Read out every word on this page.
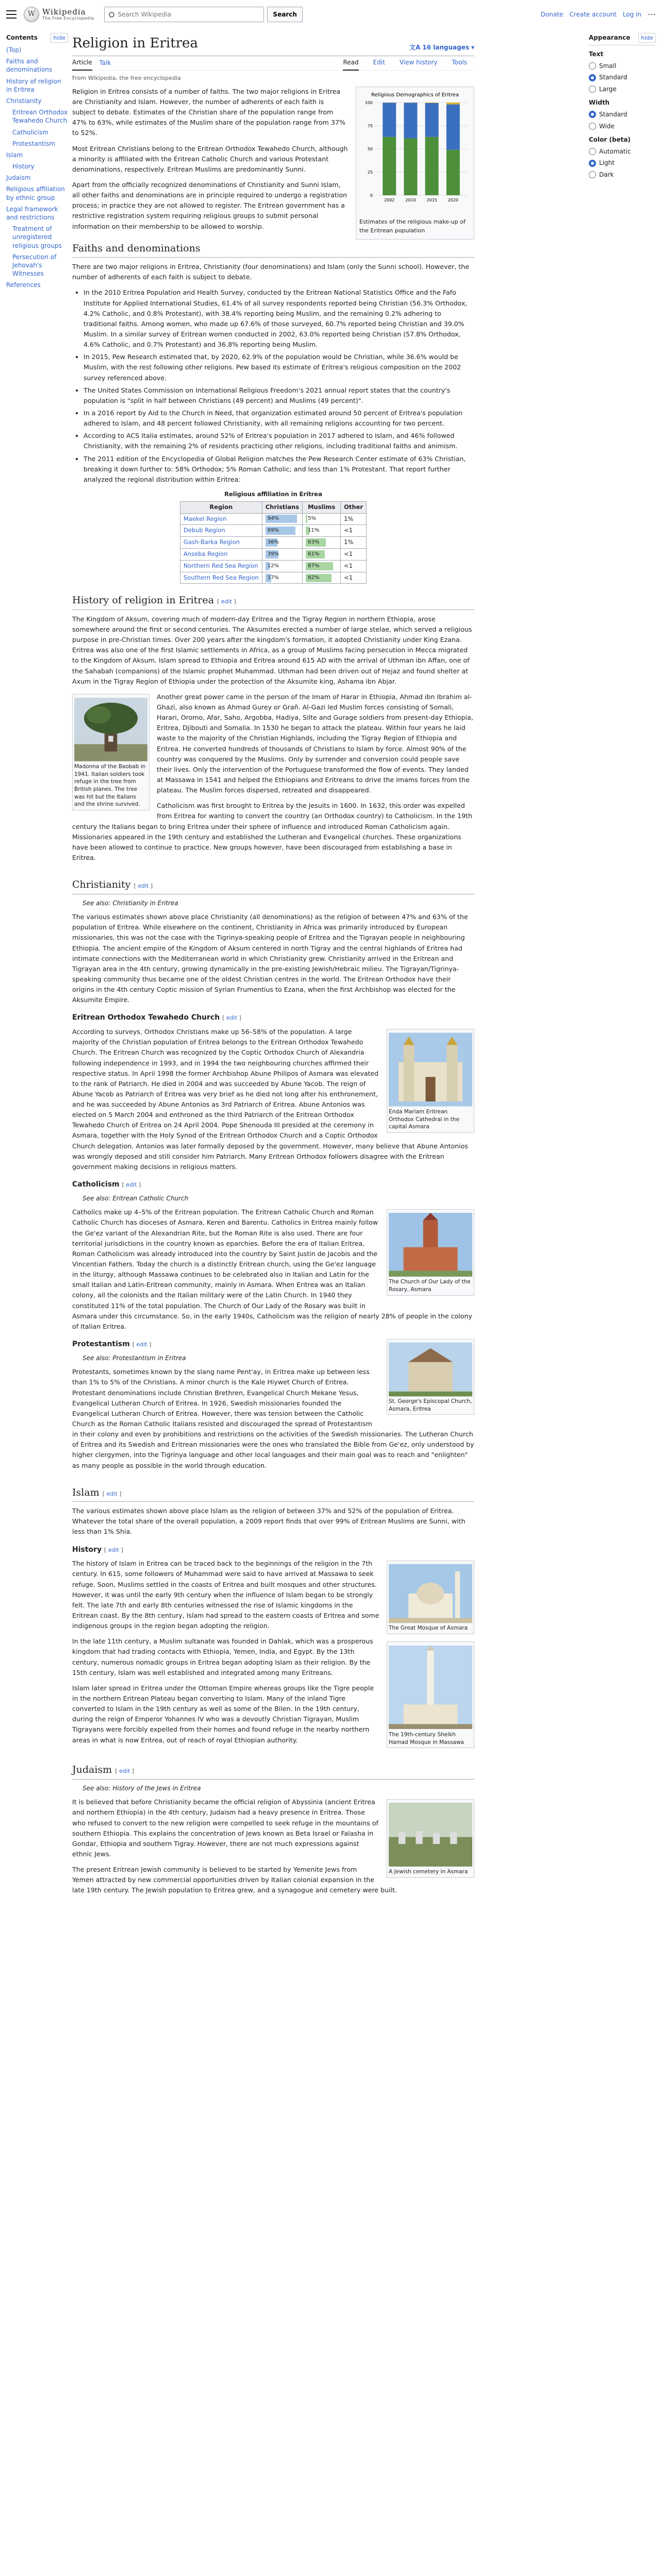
W Wikipedia
The Free Encyclopedia
Search Wikipedia
Search	Donate Create account Log in ⋯
Contents	hide
(Top)
Faiths and denominations
History of religion in Eritrea
Christianity
Eritrean Orthodox Tewahedo Church
Catholicism
Protestantism
Islam
History
Judaism
Religious affiliation by ethnic group
Legal framework and restrictions
Treatment of unregistered religious groups
Persecution of Jehovah's Witnesses
References
Religion in Eritrea	文A 16 languages ▾
Article Talk	Read Edit View history Tools
From Wikipedia, the free encyclopedia
Religious Demographics of Eritrea
0
25
50
75
100
2002	2010	2015	2020
Estimates of the religious make-up of the Eritrean population

Religion in Eritrea consists of a number of faiths. The two major religions in Eritrea are Christianity and Islam. However, the number of adherents of each faith is subject to debate. Estimates of the Christian share of the population range from 47% to 63%, while estimates of the Muslim share of the population range from 37% to 52%.

Most Eritrean Christians belong to the Eritrean Orthodox Tewahedo Church, although a minority is affiliated with the Eritrean Catholic Church and various Protestant denominations, respectively. Eritrean Muslims are predominantly Sunni.

Apart from the officially recognized denominations of Christianity and Sunni Islam, all other faiths and denominations are in principle required to undergo a registration process; in practice they are not allowed to register. The Eritrean government has a restrictive registration system requiring religious groups to submit personal information on their membership to be allowed to worship.

Faiths and denominations

There are two major religions in Eritrea, Christianity (four denominations) and Islam (only the Sunni school). However, the number of adherents of each faith is subject to debate.

• In the 2010 Eritrea Population and Health Survey, conducted by the Eritrean National Statistics Office and the Fafo Institute for Applied International Studies, 61.4% of all survey respondents reported being Christian (56.3% Orthodox, 4.2% Catholic, and 0.8% Protestant), with 38.4% reporting being Muslim, and the remaining 0.2% adhering to traditional faiths. Among women, who made up 67.6% of those surveyed, 60.7% reported being Christian and 39.0% Muslim. In a similar survey of Eritrean women conducted in 2002, 63.0% reported being Christian (57.8% Orthodox, 4.6% Catholic, and 0.7% Protestant) and 36.8% reporting being Muslim.
• In 2015, Pew Research estimated that, by 2020, 62.9% of the population would be Christian, while 36.6% would be Muslim, with the rest following other religions. Pew based its estimate of Eritrea's religious composition on the 2002 survey referenced above.
• The United States Commission on International Religious Freedom's 2021 annual report states that the country's population is "split in half between Christians (49 percent) and Muslims (49 percent)".
• In a 2016 report by Aid to the Church in Need, that organization estimated around 50 percent of Eritrea's population adhered to Islam, and 48 percent followed Christianity, with all remaining religions accounting for two percent.
• According to ACS Italia estimates, around 52% of Eritrea's population in 2017 adhered to Islam, and 46% followed Christianity, with the remaining 2% of residents practicing other religions, including traditional faiths and animism.
• The 2011 edition of the Encyclopedia of Global Religion matches the Pew Research Center estimate of 63% Christian, breaking it down further to: 58% Orthodox; 5% Roman Catholic; and less than 1% Protestant. That report further analyzed the regional distribution within Eritrea:
Religious affiliation in Eritrea
Region	Christians	Muslims	Other
Maekel Region	94%	5%	1%
Debub Region	89%	11%	<1
Gash-Barka Region	36%	63%	1%
Anseba Region	39%	61%	<1
Northern Red Sea Region	12%	87%	<1
Southern Red Sea Region	17%	82%	<1
History of religion in Eritrea [ edit ]

The Kingdom of Aksum, covering much of modern-day Eritrea and the Tigray Region in northern Ethiopia, arose somewhere around the first or second centuries. The Aksumites erected a number of large stelae, which served a religious purpose in pre-Christian times. Over 200 years after the kingdom's formation, it adopted Christianity under King Ezana. Eritrea was also one of the first Islamic settlements in Africa, as a group of Muslims facing persecution in Mecca migrated to the Kingdom of Aksum. Islam spread to Ethiopia and Eritrea around 615 AD with the arrival of Uthman ibn Affan, one of the Sahabah (companions) of the Islamic prophet Muhammad. Uthman had been driven out of Hejaz and found shelter at Axum in the Tigray Region of Ethiopia under the protection of the Aksumite king, Ashama ibn Abjar.

Madonna of the Baobab in 1941. Italian soldiers took refuge in the tree from British planes. The tree was hit but the Italians and the shrine survived.

Another great power came in the person of the Imam of Harar in Ethiopia, Ahmad ibn Ibrahim al-Ghazi, also known as Ahmad Gurey or Grañ. Al-Gazi led Muslim forces consisting of Somali, Harari, Oromo, Afar, Saho, Argobba, Hadiya, Silte and Gurage soldiers from present-day Ethiopia, Eritrea, Djibouti and Somalia. In 1530 he began to attack the plateau. Within four years he laid waste to the majority of the Christian Highlands, including the Tigray Region of Ethiopia and Eritrea. He converted hundreds of thousands of Christians to Islam by force. Almost 90% of the country was conquered by the Muslims. Only by surrender and conversion could people save their lives. Only the intervention of the Portuguese transformed the flow of events. They landed at Massawa in 1541 and helped the Ethiopians and Eritreans to drive the Imams forces from the plateau. The Muslim forces dispersed, retreated and disappeared.

Catholicism was first brought to Eritrea by the Jesuits in 1600. In 1632, this order was expelled from Eritrea for wanting to convert the country (an Orthodox country) to Catholicism. In the 19th century the Italians began to bring Eritrea under their sphere of influence and introduced Roman Catholicism again. Missionaries appeared in the 19th century and established the Lutheran and Evangelical churches. These organizations have been allowed to continue to practice. New groups however, have been discouraged from establishing a base in Eritrea.

Christianity [ edit ]
See also: Christianity in Eritrea

The various estimates shown above place Christianity (all denominations) as the religion of between 47% and 63% of the population of Eritrea. While elsewhere on the continent, Christianity in Africa was primarily introduced by European missionaries, this was not the case with the Tigrinya-speaking people of Eritrea and the Tigrayan people in neighbouring Ethiopia. The ancient empire of the Kingdom of Aksum centered in north Tigray and the central highlands of Eritrea had intimate connections with the Mediterranean world in which Christianity grew. Christianity arrived in the Eritrean and Tigrayan area in the 4th century, growing dynamically in the pre-existing Jewish/Hebraic milieu. The Tigrayan/Tigrinya-speaking community thus became one of the oldest Christian centres in the world. The Eritrean Orthodox have their origins in the 4th century Coptic mission of Syrian Frumentius to Ezana, when the first Archbishop was elected for the Aksumite Empire.

Eritrean Orthodox Tewahedo Church [ edit ]
Enda Mariam Eritrean Orthodox Cathedral in the capital Asmara

According to surveys, Orthodox Christians make up 56–58% of the population. A large majority of the Christian population of Eritrea belongs to the Eritrean Orthodox Tewahedo Church. The Eritrean Church was recognized by the Coptic Orthodox Church of Alexandria following independence in 1993, and in 1994 the two neighbouring churches affirmed their respective status. In April 1998 the former Archbishop Abune Philipos of Asmara was elevated to the rank of Patriarch. He died in 2004 and was succeeded by Abune Yacob. The reign of Abune Yacob as Patriarch of Eritrea was very brief as he died not long after his enthronement, and he was succeeded by Abune Antonios as 3rd Patriarch of Eritrea. Abune Antonios was elected on 5 March 2004 and enthroned as the third Patriarch of the Eritrean Orthodox Tewahedo Church of Eritrea on 24 April 2004. Pope Shenouda III presided at the ceremony in Asmara, together with the Holy Synod of the Eritrean Orthodox Church and a Coptic Orthodox Church delegation. Antonios was later formally deposed by the government. However, many believe that Abune Antonios was wrongly deposed and still consider him Patriarch. Many Eritrean Orthodox followers disagree with the Eritrean government making decisions in religious matters.

Catholicism [ edit ]
See also: Eritrean Catholic Church
The Church of Our Lady of the Rosary, Asmara

Catholics make up 4–5% of the Eritrean population. The Eritrean Catholic Church and Roman Catholic Church has dioceses of Asmara, Keren and Barentu. Catholics in Eritrea mainly follow the Ge'ez variant of the Alexandrian Rite, but the Roman Rite is also used. There are four territorial jurisdictions in the country known as eparchies. Before the era of Italian Eritrea, Roman Catholicism was already introduced into the country by Saint Justin de Jacobis and the Vincentian Fathers. Today the church is a distinctly Eritrean church, using the Ge'ez language in the liturgy, although Massawa continues to be celebrated also in Italian and Latin for the small Italian and Latin-Eritrean community, mainly in Asmara. When Eritrea was an Italian colony, all the colonists and the Italian military were of the Latin Church. In 1940 they constituted 11% of the total population. The Church of Our Lady of the Rosary was built in Asmara under this circumstance. So, in the early 1940s, Catholicism was the religion of nearly 28% of people in the colony of Italian Eritrea.

St. George's Episcopal Church, Asmara, Eritrea
Protestantism [ edit ]
See also: Protestantism in Eritrea

Protestants, sometimes known by the slang name Pent'ay, in Eritrea make up between less than 1% to 5% of the Christians. A minor church is the Kale Hiywet Church of Eritrea. Protestant denominations include Christian Brethren, Evangelical Church Mekane Yesus, Evangelical Lutheran Church of Eritrea. In 1926, Swedish missionaries founded the Evangelical Lutheran Church of Eritrea. However, there was tension between the Catholic Church as the Roman Catholic Italians resisted and discouraged the spread of Protestantism in their colony and even by prohibitions and restrictions on the activities of the Swedish missionaries. The Lutheran Church of Eritrea and its Swedish and Eritrean missionaries were the ones who translated the Bible from Ge'ez, only understood by higher clergymen, into the Tigrinya language and other local languages and their main goal was to reach and "enlighten" as many people as possible in the world through education.

Islam [ edit ]

The various estimates shown above place Islam as the religion of between 37% and 52% of the population of Eritrea. Whatever the total share of the overall population, a 2009 report finds that over 99% of Eritrean Muslims are Sunni, with less than 1% Shia.

History [ edit ]
The Great Mosque of Asmara

The history of Islam in Eritrea can be traced back to the beginnings of the religion in the 7th century. In 615, some followers of Muhammad were said to have arrived at Massawa to seek refuge. Soon, Muslims settled in the coasts of Eritrea and built mosques and other structures. However, it was until the early 9th century when the influence of Islam began to be strongly felt. The late 7th and early 8th centuries witnessed the rise of Islamic kingdoms in the Eritrean coast. By the 8th century, Islam had spread to the eastern coasts of Eritrea and some indigenous groups in the region began adopting the religion.

The 19th-century Sheikh Hamad Mosque in Massawa

In the late 11th century, a Muslim sultanate was founded in Dahlak, which was a prosperous kingdom that had trading contacts with Ethiopia, Yemen, India, and Egypt. By the 13th century, numerous nomadic groups in Eritrea began adopting Islam as their religion. By the 15th century, Islam was well established and integrated among many Eritreans.

Islam later spread in Eritrea under the Ottoman Empire whereas groups like the Tigre people in the northern Eritrean Plateau began converting to Islam. Many of the inland Tigre converted to Islam in the 19th century as well as some of the Bilen. In the 19th century, during the reign of Emperor Yohannes IV who was a devoutly Christian Tigrayan, Muslim Tigrayans were forcibly expelled from their homes and found refuge in the nearby northern areas in what is now Eritrea, out of reach of royal Ethiopian authority.

Judaism [ edit ]
See also: History of the Jews in Eritrea
A Jewish cemetery in Asmara

It is believed that before Christianity became the official religion of Abyssinia (ancient Eritrea and northern Ethiopia) in the 4th century, Judaism had a heavy presence in Eritrea. Those who refused to convert to the new religion were compelled to seek refuge in the mountains of southern Ethiopia. This explains the concentration of Jews known as Beta Israel or Falasha in Gondar, Ethiopia and southern Tigray. However, there are not much expressions against ethnic Jews.

The present Eritrean Jewish community is believed to be started by Yemenite Jews from Yemen attracted by new commercial opportunities driven by Italian colonial expansion in the late 19th century. The Jewish population to Eritrea grew, and a synagogue and cemetery were built.

Appearance	hide
Text
Small
Standard
Large
Width
Standard
Wide
Color (beta)
Automatic
Light
Dark
